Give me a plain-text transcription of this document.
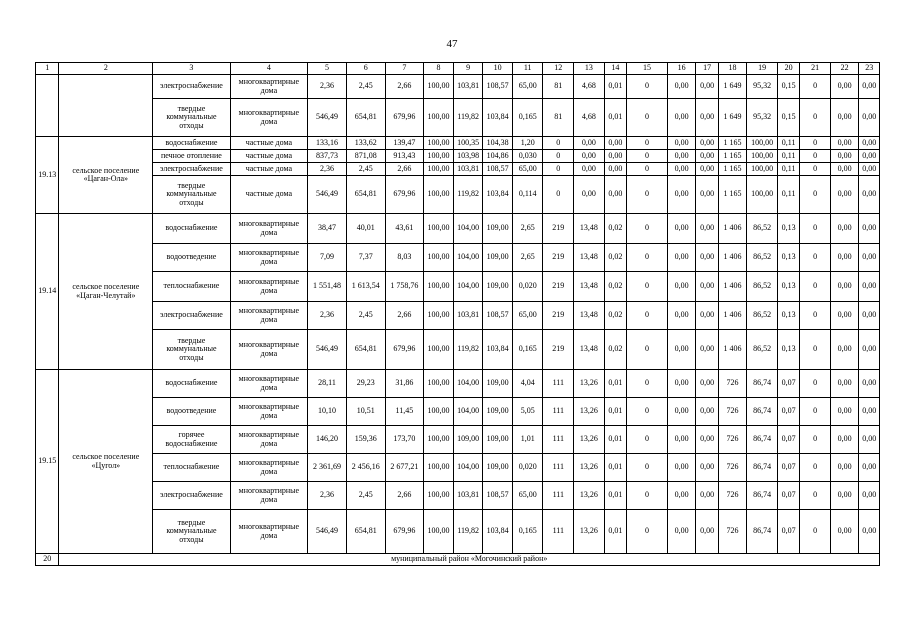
47
1	2	3	4	5	6	7	8	9	10	11	12	13	14	15	16	17	18	19	20	21	22	23
		электроснабжение	многоквартирные дома	2,36	2,45	2,66	100,00	103,81	108,57	65,00	81	4,68	0,01	0	0,00	0,00	1 649	95,32	0,15	0	0,00	0,00
		твердые коммунальные отходы	многоквартирные дома	546,49	654,81	679,96	100,00	119,82	103,84	0,165	81	4,68	0,01	0	0,00	0,00	1 649	95,32	0,15	0	0,00	0,00
19.13	сельское поселение «Цаган-Ола»	водоснабжение	частные дома	133,16	133,62	139,47	100,00	100,35	104,38	1,20	0	0,00	0,00	0	0,00	0,00	1 165	100,00	0,11	0	0,00	0,00
		печное отопление	частные дома	837,73	871,08	913,43	100,00	103,98	104,86	0,030	0	0,00	0,00	0	0,00	0,00	1 165	100,00	0,11	0	0,00	0,00
		электроснабжение	частные дома	2,36	2,45	2,66	100,00	103,81	108,57	65,00	0	0,00	0,00	0	0,00	0,00	1 165	100,00	0,11	0	0,00	0,00
		твердые коммунальные отходы	частные дома	546,49	654,81	679,96	100,00	119,82	103,84	0,114	0	0,00	0,00	0	0,00	0,00	1 165	100,00	0,11	0	0,00	0,00
19.14	сельское поселение «Цаган-Челутай»	водоснабжение	многоквартирные дома	38,47	40,01	43,61	100,00	104,00	109,00	2,65	219	13,48	0,02	0	0,00	0,00	1 406	86,52	0,13	0	0,00	0,00
		водоотведение	многоквартирные дома	7,09	7,37	8,03	100,00	104,00	109,00	2,65	219	13,48	0,02	0	0,00	0,00	1 406	86,52	0,13	0	0,00	0,00
		теплоснабжение	многоквартирные дома	1 551,48	1 613,54	1 758,76	100,00	104,00	109,00	0,020	219	13,48	0,02	0	0,00	0,00	1 406	86,52	0,13	0	0,00	0,00
		электроснабжение	многоквартирные дома	2,36	2,45	2,66	100,00	103,81	108,57	65,00	219	13,48	0,02	0	0,00	0,00	1 406	86,52	0,13	0	0,00	0,00
		твердые коммунальные отходы	многоквартирные дома	546,49	654,81	679,96	100,00	119,82	103,84	0,165	219	13,48	0,02	0	0,00	0,00	1 406	86,52	0,13	0	0,00	0,00
19.15	сельское поселение «Цугол»	водоснабжение	многоквартирные дома	28,11	29,23	31,86	100,00	104,00	109,00	4,04	111	13,26	0,01	0	0,00	0,00	726	86,74	0,07	0	0,00	0,00
		водоотведение	многоквартирные дома	10,10	10,51	11,45	100,00	104,00	109,00	5,05	111	13,26	0,01	0	0,00	0,00	726	86,74	0,07	0	0,00	0,00
		горячее водоснабжение	многоквартирные дома	146,20	159,36	173,70	100,00	109,00	109,00	1,01	111	13,26	0,01	0	0,00	0,00	726	86,74	0,07	0	0,00	0,00
		теплоснабжение	многоквартирные дома	2 361,69	2 456,16	2 677,21	100,00	104,00	109,00	0,020	111	13,26	0,01	0	0,00	0,00	726	86,74	0,07	0	0,00	0,00
		электроснабжение	многоквартирные дома	2,36	2,45	2,66	100,00	103,81	108,57	65,00	111	13,26	0,01	0	0,00	0,00	726	86,74	0,07	0	0,00	0,00
		твердые коммунальные отходы	многоквартирные дома	546,49	654,81	679,96	100,00	119,82	103,84	0,165	111	13,26	0,01	0	0,00	0,00	726	86,74	0,07	0	0,00	0,00
20	муниципальный район «Могочинский район»																					
